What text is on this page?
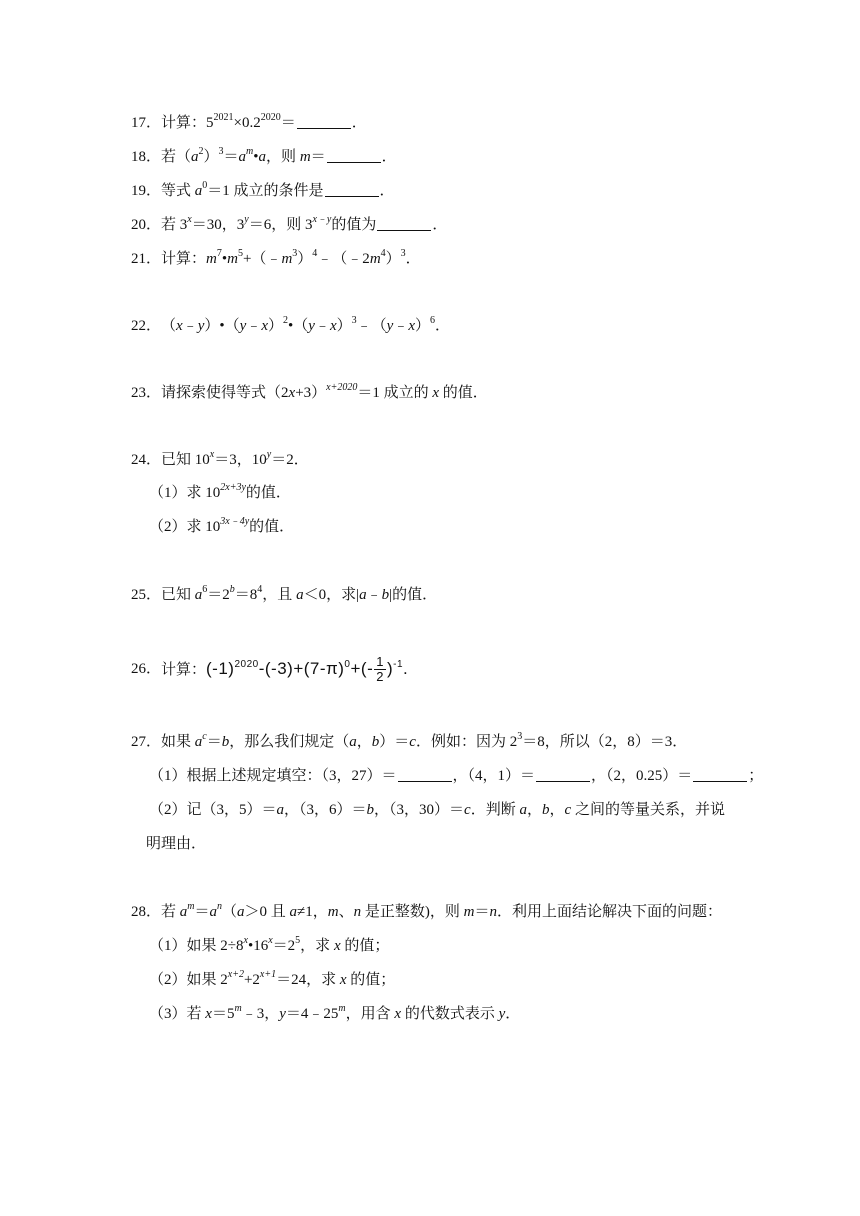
17． 计算：$5^{2021}\times 0.2^{2020}=$	．
18． 若$(a^2)^3=a^m•a$，则 m＝	．
19． 等式 $a^0=1$ 成立的条件是	．
20． 若 $3^x=30$，$3^y=6$，则 $3^{x﹣y}$的值为	．
21． 计算：$m^7•m^5+(﹣m^3)^4﹣(﹣2m^4)^3$．
22． （x﹣y）•（y﹣x）$^2$•（y﹣x）$^3$﹣（y﹣x）$^6$．
23． 请探索使得等式$(2x+3)^{x+2020}=1$ 成立的 x 的值．
24． 已知 $10^x=3$，$10^y=2$．
（1）求 $10^{2x+3y}$的值．
（2）求 $10^{3x﹣4y}$的值．
25． 已知 $a^6=2^b=8^4$，且 a＜0，求|a﹣b|的值．
26． 计算：$(-1)^{2020}-(-3)+(7-\pi)^0+(- \frac{1}{2} )^{-1}$.
27． 如果 $a^c=b$，那么我们规定（a，b）＝c．例如：因为 $2^3=8$，所以（2，8）＝3．
（1）根据上述规定填空：（3，27）＝	，（4，1）＝	，（2，0.25）＝	；
（2）记（3，5）＝a，（3，6）＝b，（3，30）＝c．判断 a，b，c 之间的等量关系，并说
明理由．
28． 若 $a^m=a^n(a>0$ 且 a≠1，m、n 是正整数)，则 m＝n．利用上面结论解决下面的问题：
（1）如果 $2\div 8^x•16^x=2^5$，求 x 的值；
（2）如果 $2^{x+2}+2^{x+1}=24$，求 x 的值；
（3）若 $x=5^m﹣3$，$y=4﹣25^m$，用含 x 的代数式表示 y．
